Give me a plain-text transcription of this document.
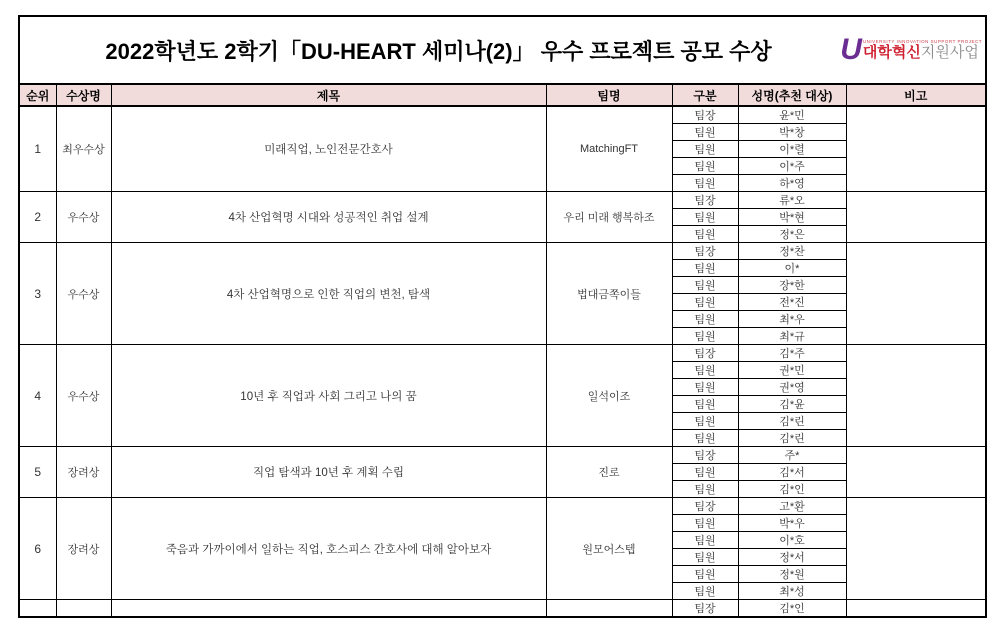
2022학년도 2학기「DU-HEART 세미나(2)」 우수 프로젝트 공모 수상 U UNIVERSITY INNOVATION SUPPORT PROJECT
대학혁신지원사업						

순위	수상명	제목	팀명	구분	성명(추천 대상)	비고
1	최우수상	미래직업, 노인전문간호사	MatchingFT	팀장	윤*민	
				팀원	박*창	
				팀원	이*렬	
				팀원	이*주	
				팀원	하*영	
2	우수상	4차 산업혁명 시대와 성공적인 취업 설계	우리 미래 행복하조	팀장	류*오	
				팀원	박*현	
				팀원	정*은	
3	우수상	4차 산업혁명으로 인한 직업의 변천, 탐색	법대금쪽이들	팀장	정*찬	
				팀원	이*	
				팀원	장*한	
				팀원	전*진	
				팀원	최*우	
				팀원	최*규	
4	우수상	10년 후 직업과 사회 그리고 나의 꿈	일석이조	팀장	김*주	
				팀원	권*민	
				팀원	권*영	
				팀원	김*윤	
				팀원	김*린	
				팀원	김*린	
5	장려상	직업 탐색과 10년 후 계획 수립	진로	팀장	주*	
				팀원	김*서	
				팀원	김*인	
6	장려상	죽음과 가까이에서 일하는 직업, 호스피스 간호사에 대해 알아보자	원모어스텝	팀장	고*환	
				팀원	박*우	
				팀원	이*호	
				팀원	정*서	
				팀원	정*원	
				팀원	최*성	
				팀장	김*인	
